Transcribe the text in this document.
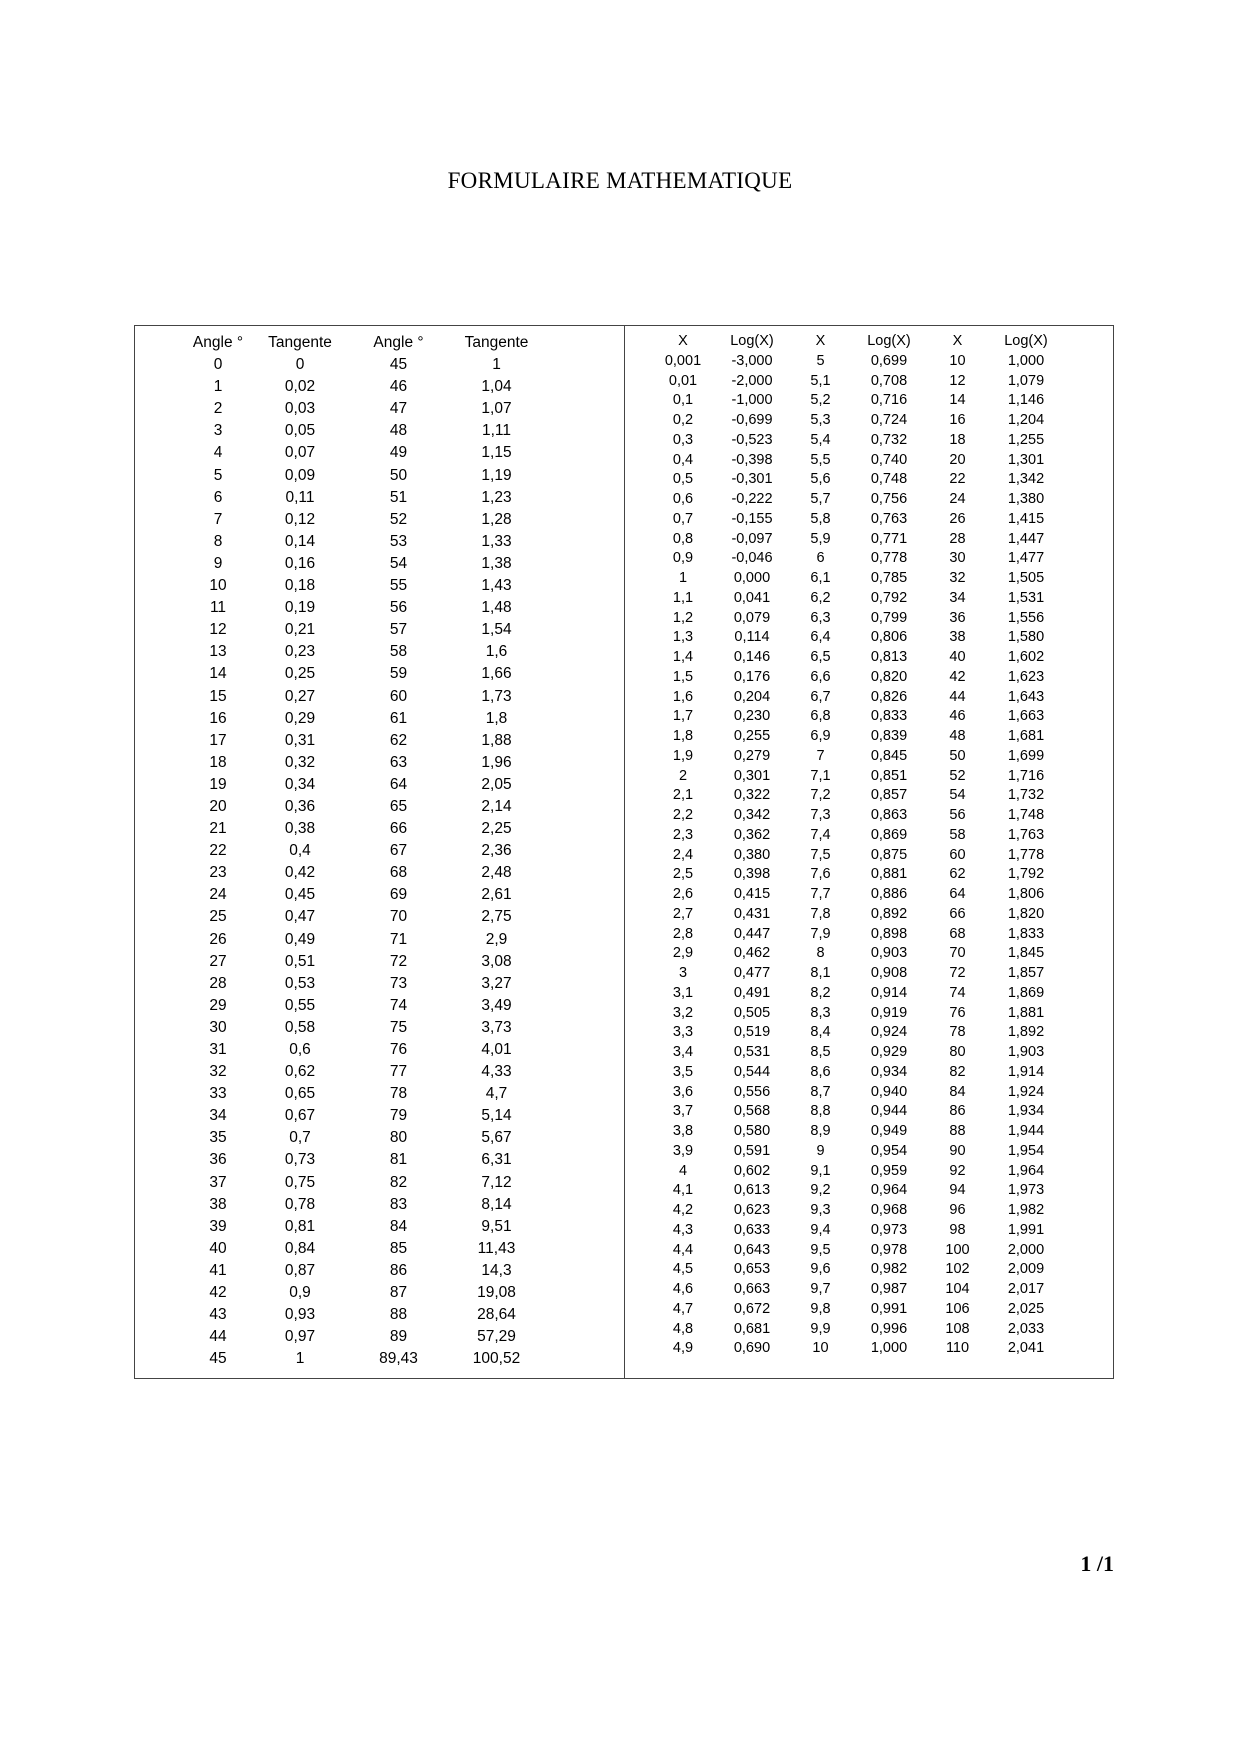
FORMULAIRE MATHEMATIQUE
Angle °	Tangente	Angle °	Tangente
0	0	45	1
1	0,02	46	1,04
2	0,03	47	1,07
3	0,05	48	1,11
4	0,07	49	1,15
5	0,09	50	1,19
6	0,11	51	1,23
7	0,12	52	1,28
8	0,14	53	1,33
9	0,16	54	1,38
10	0,18	55	1,43
11	0,19	56	1,48
12	0,21	57	1,54
13	0,23	58	1,6
14	0,25	59	1,66
15	0,27	60	1,73
16	0,29	61	1,8
17	0,31	62	1,88
18	0,32	63	1,96
19	0,34	64	2,05
20	0,36	65	2,14
21	0,38	66	2,25
22	0,4	67	2,36
23	0,42	68	2,48
24	0,45	69	2,61
25	0,47	70	2,75
26	0,49	71	2,9
27	0,51	72	3,08
28	0,53	73	3,27
29	0,55	74	3,49
30	0,58	75	3,73
31	0,6	76	4,01
32	0,62	77	4,33
33	0,65	78	4,7
34	0,67	79	5,14
35	0,7	80	5,67
36	0,73	81	6,31
37	0,75	82	7,12
38	0,78	83	8,14
39	0,81	84	9,51
40	0,84	85	11,43
41	0,87	86	14,3
42	0,9	87	19,08
43	0,93	88	28,64
44	0,97	89	57,29
45	1	89,43	100,52
X	Log(X)	X	Log(X)	X	Log(X)
0,001	-3,000	5	0,699	10	1,000
0,01	-2,000	5,1	0,708	12	1,079
0,1	-1,000	5,2	0,716	14	1,146
0,2	-0,699	5,3	0,724	16	1,204
0,3	-0,523	5,4	0,732	18	1,255
0,4	-0,398	5,5	0,740	20	1,301
0,5	-0,301	5,6	0,748	22	1,342
0,6	-0,222	5,7	0,756	24	1,380
0,7	-0,155	5,8	0,763	26	1,415
0,8	-0,097	5,9	0,771	28	1,447
0,9	-0,046	6	0,778	30	1,477
1	0,000	6,1	0,785	32	1,505
1,1	0,041	6,2	0,792	34	1,531
1,2	0,079	6,3	0,799	36	1,556
1,3	0,114	6,4	0,806	38	1,580
1,4	0,146	6,5	0,813	40	1,602
1,5	0,176	6,6	0,820	42	1,623
1,6	0,204	6,7	0,826	44	1,643
1,7	0,230	6,8	0,833	46	1,663
1,8	0,255	6,9	0,839	48	1,681
1,9	0,279	7	0,845	50	1,699
2	0,301	7,1	0,851	52	1,716
2,1	0,322	7,2	0,857	54	1,732
2,2	0,342	7,3	0,863	56	1,748
2,3	0,362	7,4	0,869	58	1,763
2,4	0,380	7,5	0,875	60	1,778
2,5	0,398	7,6	0,881	62	1,792
2,6	0,415	7,7	0,886	64	1,806
2,7	0,431	7,8	0,892	66	1,820
2,8	0,447	7,9	0,898	68	1,833
2,9	0,462	8	0,903	70	1,845
3	0,477	8,1	0,908	72	1,857
3,1	0,491	8,2	0,914	74	1,869
3,2	0,505	8,3	0,919	76	1,881
3,3	0,519	8,4	0,924	78	1,892
3,4	0,531	8,5	0,929	80	1,903
3,5	0,544	8,6	0,934	82	1,914
3,6	0,556	8,7	0,940	84	1,924
3,7	0,568	8,8	0,944	86	1,934
3,8	0,580	8,9	0,949	88	1,944
3,9	0,591	9	0,954	90	1,954
4	0,602	9,1	0,959	92	1,964
4,1	0,613	9,2	0,964	94	1,973
4,2	0,623	9,3	0,968	96	1,982
4,3	0,633	9,4	0,973	98	1,991
4,4	0,643	9,5	0,978	100	2,000
4,5	0,653	9,6	0,982	102	2,009
4,6	0,663	9,7	0,987	104	2,017
4,7	0,672	9,8	0,991	106	2,025
4,8	0,681	9,9	0,996	108	2,033
4,9	0,690	10	1,000	110	2,041
1 /1
